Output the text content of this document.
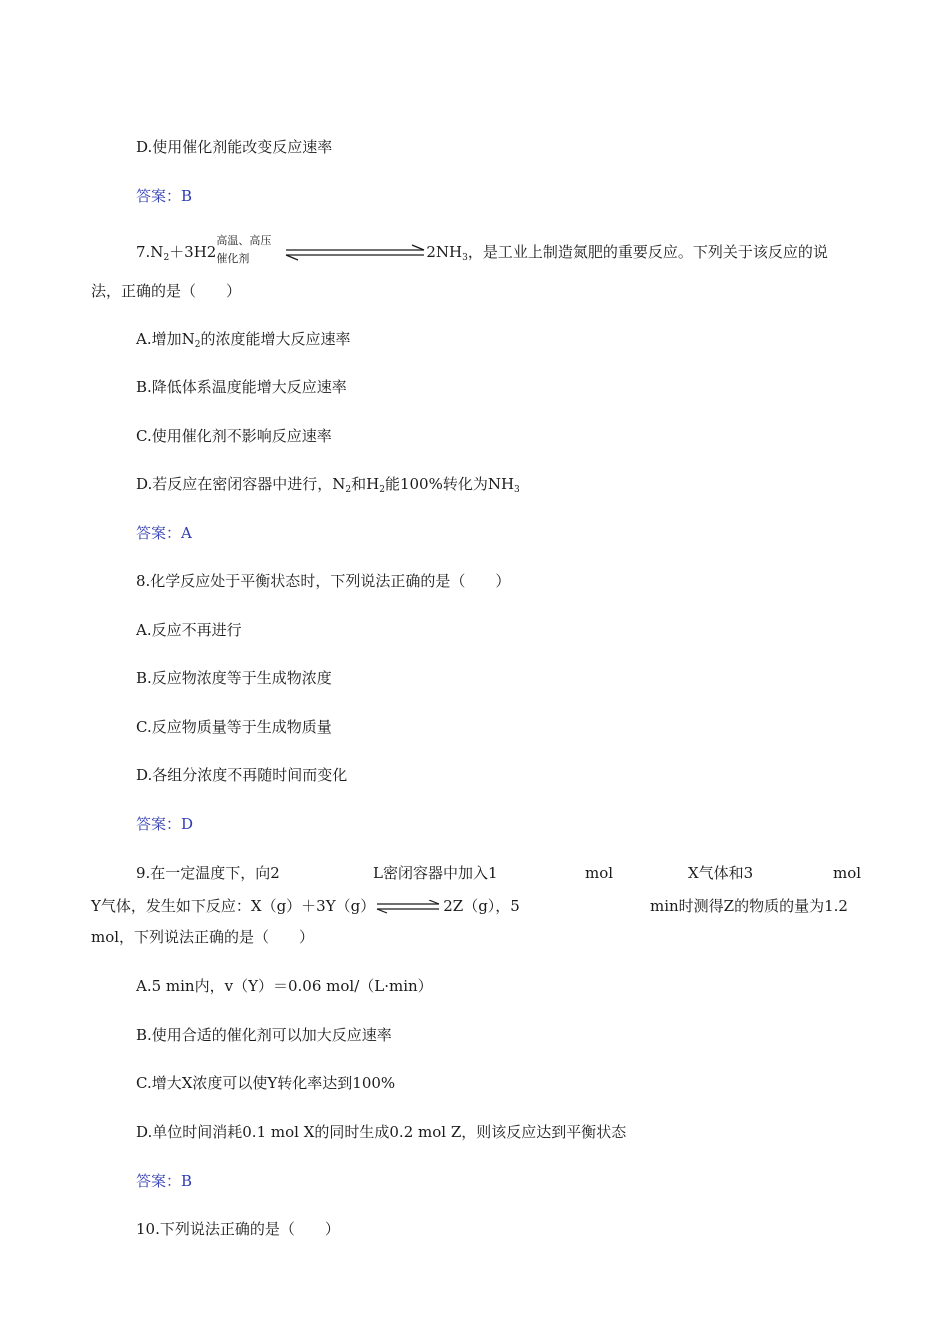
D.使用催化剂能改变反应速率
答案：B
$7.N_2+3H2$
高温、高压
催化剂	$2NH_3$，是工业上制造氮肥的重要反应。下列关于该反应的说
法，正确的是（　　）
A.增加$N_2$的浓度能增大反应速率
B.降低体系温度能增大反应速率
C.使用催化剂不影响反应速率
D.若反应在密闭容器中进行，$N_2$和$H_2$能100%转化为$NH_3$
答案：A
8.化学反应处于平衡状态时，下列说法正确的是（　　）
A.反应不再进行
B.反应物浓度等于生成物浓度
C.反应物质量等于生成物质量
D.各组分浓度不再随时间而变化
答案：D
9.在一定温度下，向2	L密闭容器中加入1	mol	X气体和3	mol
Y气体，发生如下反应：X（g）＋3Y（g）	2Z（g），5	min时测得Z的物质的量为1.2
mol，下列说法正确的是（　　）
A.5 min内，v（Y）＝0.06 mol/（L·min）
B.使用合适的催化剂可以加大反应速率
C.增大X浓度可以使Y转化率达到100%
D.单位时间消耗0.1 mol X的同时生成0.2 mol Z，则该反应达到平衡状态
答案：B
10.下列说法正确的是（　　）
